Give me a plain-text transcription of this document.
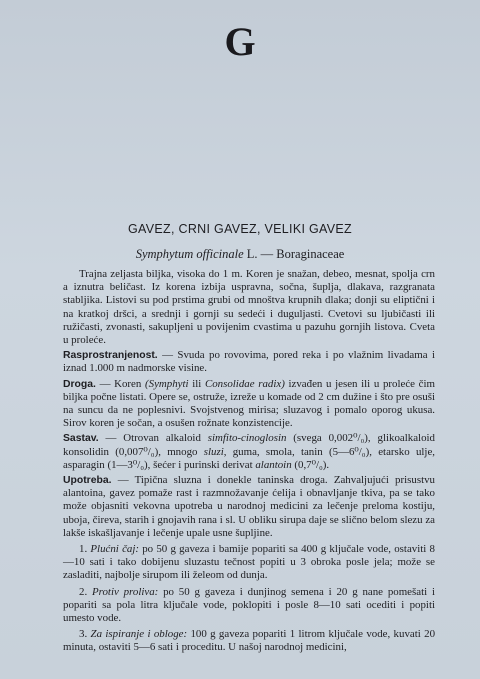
G
GAVEZ, CRNI GAVEZ, VELIKI GAVEZ
Symphytum officinale L. — Boraginaceae

Trajna zeljasta biljka, visoka do 1 m. Koren je snažan, debeo, mesnat, spolja crn a iznutra beličast. Iz korena izbija uspravna, sočna, šuplja, dlakava, razgranata stabljika. Listovi su pod prstima grubi od mnoštva krupnih dlaka; donji su eliptični i na kratkoj dršci, a srednji i gornji su sedeći i duguljasti. Cvetovi su ljubičasti ili ružičasti, zvonasti, sakupljeni u povijenim cvastima u pazuhu gornjih listova. Cveta u proleće.

Rasprostranjenost. — Svuda po rovovima, pored reka i po vlažnim livadama i iznad 1.000 m nadmorske visine.

Droga. — Koren (Symphyti ili Consolidae radix) izvađen u jesen ili u proleće čim biljka počne listati. Opere se, ostruže, izreže u komade od 2 cm dužine i što pre osuši na suncu da ne poplesnivi. Svojstvenog mirisa; sluzavog i pomalo oporog ukusa. Sirov koren je sočan, a osušen rožnate konzistencije.

Sastav. — Otrovan alkaloid simfito-cinoglosin (svega 0,002⁰/₀), glikoalkaloid konsolidin (0,007⁰/₀), mnogo sluzi, guma, smola, tanin (5—6⁰/₀), etarsko ulje, asparagin (1—3⁰/₀), šećer i purinski derivat alantoin (0,7⁰/₀).

Upotreba. — Tipična sluzna i donekle taninska droga. Zahvaljujući prisustvu alantoina, gavez pomaže rast i razmnožavanje ćelija i obnavljanje tkiva, pa se tako može objasniti vekovna upotreba u narodnoj medicini za lečenje preloma kostiju, uboja, čireva, starih i gnojavih rana i sl. U obliku sirupa daje se slično belom slezu za lakše iskašljavanje i lečenje upale usne šupljine.

1. Plućni čaj: po 50 g gaveza i bamije popariti sa 400 g ključale vode, ostaviti 8—10 sati i tako dobijenu sluzastu tečnost popiti u 3 obroka posle jela; može se zasladiti, najbolje sirupom ili želeom od dunja.

2. Protiv proliva: po 50 g gaveza i dunjinog semena i 20 g nane pomešati i popariti sa pola litra ključale vode, poklopiti i posle 8—10 sati ocediti i popiti umesto vode.

3. Za ispiranje i obloge: 100 g gaveza popariti 1 litrom ključale vode, kuvati 20 minuta, ostaviti 5—6 sati i proceditu. U našoj narodnoj medicini,
